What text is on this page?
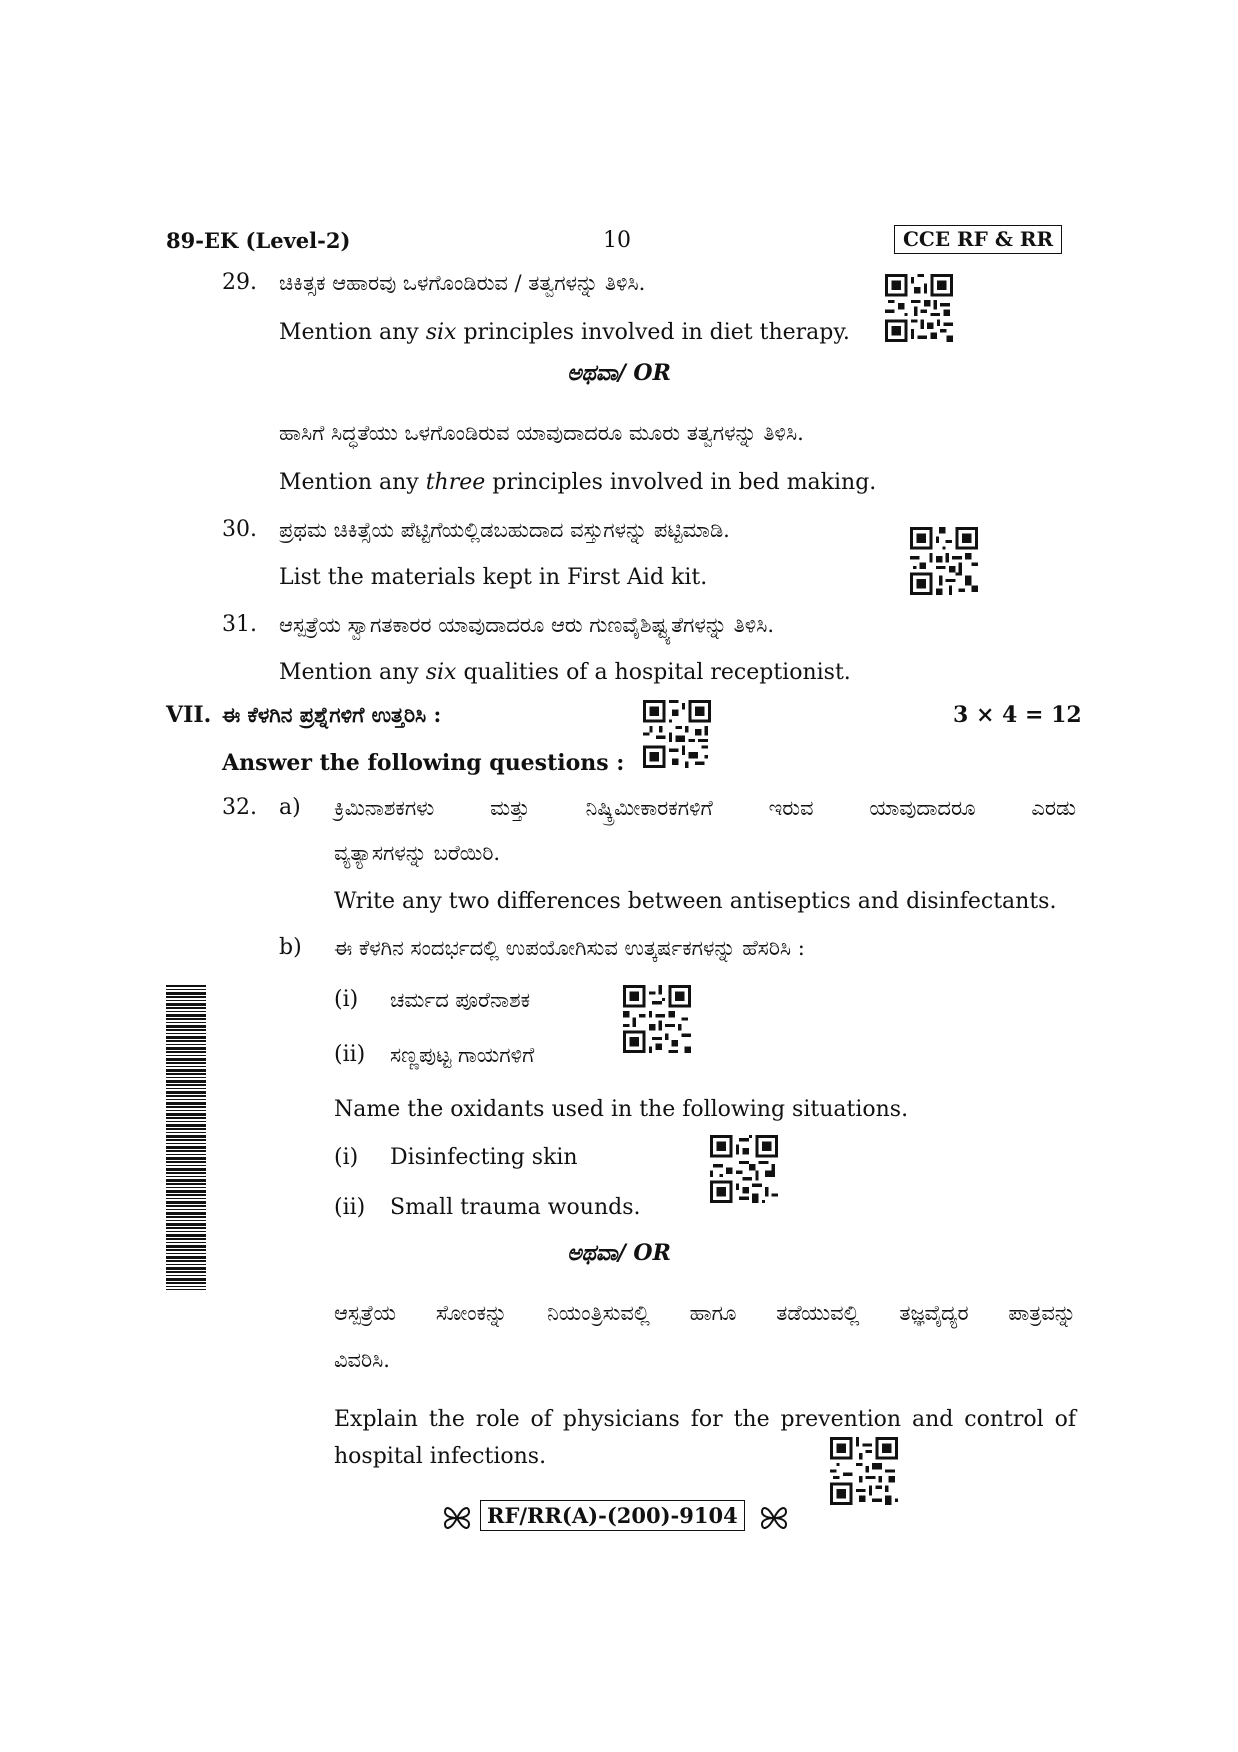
89-EK (Level-2)	10	CCE RF & RR
29. ಚಿಕಿತ್ಸಕ ಆಹಾರವು ಒಳಗೊಂಡಿರುವ / ತತ್ವಗಳನ್ನು ತಿಳಿಸಿ.
Mention any six principles involved in diet therapy.
ಅಥವಾ/ OR
ಹಾಸಿಗೆ ಸಿದ್ಧತೆಯು ಒಳಗೊಂಡಿರುವ ಯಾವುದಾದರೂ ಮೂರು ತತ್ವಗಳನ್ನು ತಿಳಿಸಿ.
Mention any three principles involved in bed making.
30. ಪ್ರಥಮ ಚಿಕಿತ್ಸೆಯ ಪೆಟ್ಟಿಗೆಯಲ್ಲಿಡಬಹುದಾದ ವಸ್ತುಗಳನ್ನು ಪಟ್ಟಿಮಾಡಿ.
List the materials kept in First Aid kit.
31. ಆಸ್ಪತ್ರೆಯ ಸ್ವಾಗತಕಾರರ ಯಾವುದಾದರೂ ಆರು ಗುಣವೈಶಿಷ್ಟ್ಯತೆಗಳನ್ನು ತಿಳಿಸಿ.
Mention any six qualities of a hospital receptionist.
VII. ಈ ಕೆಳಗಿನ ಪ್ರಶ್ನೆಗಳಿಗೆ ಉತ್ತರಿಸಿ :	3 × 4 = 12
Answer the following questions :
32. a) ಕ್ರಿಮಿನಾಶಕಗಳು ಮತ್ತು ನಿಷ್ಕ್ರಿಮೀಕಾರಕಗಳಿಗೆ ಇರುವ ಯಾವುದಾದರೂ ಎರಡು
ವ್ಯತ್ಯಾಸಗಳನ್ನು ಬರೆಯಿರಿ.
Write any two differences between antiseptics and disinfectants.
b) ಈ ಕೆಳಗಿನ ಸಂದರ್ಭದಲ್ಲಿ ಉಪಯೋಗಿಸುವ ಉತ್ಕರ್ಷಕಗಳನ್ನು ಹೆಸರಿಸಿ :
(i) ಚರ್ಮದ ಪೂರೆನಾಶಕ
(ii) ಸಣ್ಣಪುಟ್ಟ ಗಾಯಗಳಿಗೆ
Name the oxidants used in the following situations.
(i) Disinfecting skin
(ii) Small trauma wounds.
ಅಥವಾ/ OR
ಆಸ್ಪತ್ರೆಯ ಸೋಂಕನ್ನು ನಿಯಂತ್ರಿಸುವಲ್ಲಿ ಹಾಗೂ ತಡೆಯುವಲ್ಲಿ ತಜ್ಞವೈದ್ಯರ ಪಾತ್ರವನ್ನು
ವಿವರಿಸಿ.
Explain the role of physicians for the prevention and control of
hospital infections.
RF/RR(A)-(200)-9104
